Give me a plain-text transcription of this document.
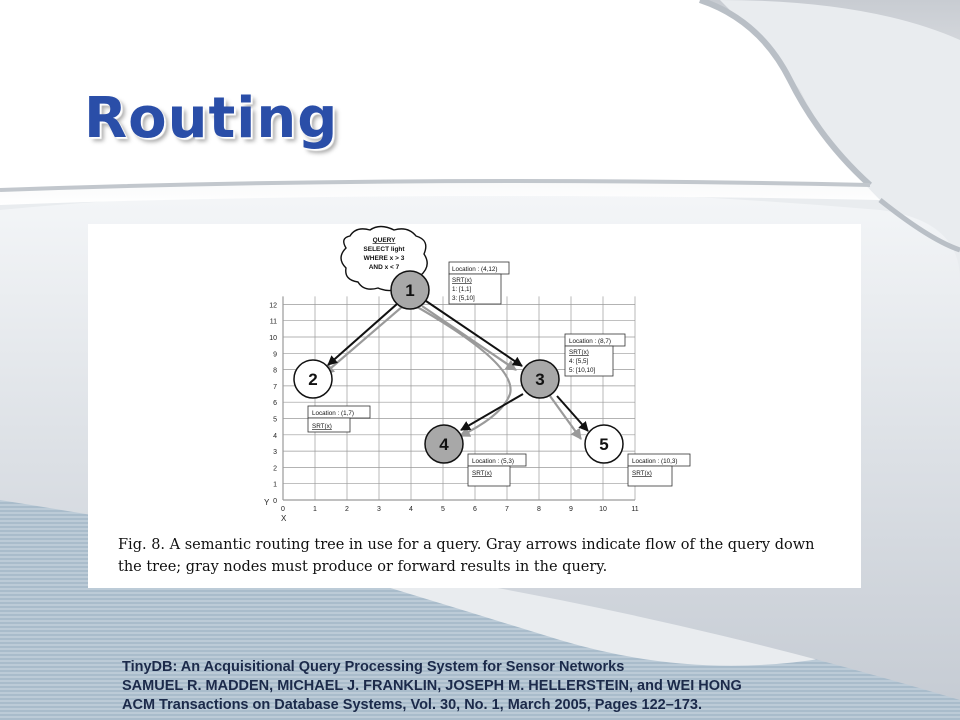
Routing
0
1
2
3
4
5
6
7
8
9
10
11
12
0	1	2	3	4	5	6	7	8	9	10	11
Y
X
QUERY
SELECT light
WHERE x > 3
AND x < 7
1
2	3
4	5
Location : (4,12)
SRT(x)
1: [1,1]
3: [5,10]
Location : (1,7)
SRT(x)
Location : (8,7)
SRT(x)
4: [5,5]
5: [10,10]
Location : (5,3)
SRT(x)
Location : (10,3)
SRT(x)
Fig. 8. A semantic routing tree in use for a query. Gray arrows indicate flow of the query down
the tree; gray nodes must produce or forward results in the query.
TinyDB: An Acquisitional Query Processing System for Sensor Networks
SAMUEL R. MADDEN, MICHAEL J. FRANKLIN, JOSEPH M. HELLERSTEIN, and WEI HONG
ACM Transactions on Database Systems, Vol. 30, No. 1, March 2005, Pages 122–173.
